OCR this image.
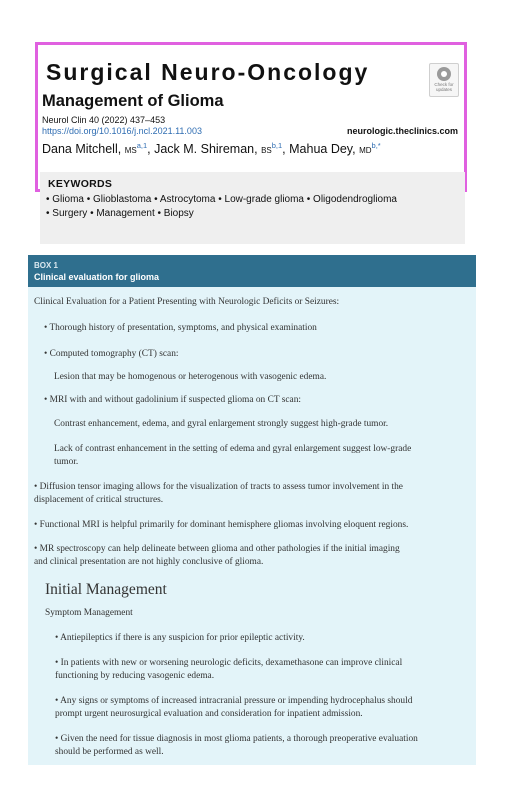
Surgical Neuro-Oncology
Management of Glioma
Check for updates
Neurol Clin 40 (2022) 437–453
https://doi.org/10.1016/j.ncl.2021.11.003	neurologic.theclinics.com
Dana Mitchell, MS$^{a,1}$, Jack M. Shireman, BS$^{b,1}$, Mahua Dey, $MD^{b,*}$
KEYWORDS
• Glioma • Glioblastoma • Astrocytoma • Low-grade glioma • Oligodendroglioma
• Surgery • Management • Biopsy
BOX 1
Clinical evaluation for glioma
Clinical Evaluation for a Patient Presenting with Neurologic Deficits or Seizures:
• Thorough history of presentation, symptoms, and physical examination
• Computed tomography (CT) scan:
Lesion that may be homogenous or heterogenous with vasogenic edema.
• MRI with and without gadolinium if suspected glioma on CT scan:
Contrast enhancement, edema, and gyral enlargement strongly suggest high-grade tumor.
Lack of contrast enhancement in the setting of edema and gyral enlargement suggest low-grade
tumor.
• Diffusion tensor imaging allows for the visualization of tracts to assess tumor involvement in the
displacement of critical structures.
• Functional MRI is helpful primarily for dominant hemisphere gliomas involving eloquent regions.
• MR spectroscopy can help delineate between glioma and other pathologies if the initial imaging
and clinical presentation are not highly conclusive of glioma.
Initial Management
Symptom Management
• Antiepileptics if there is any suspicion for prior epileptic activity.
• In patients with new or worsening neurologic deficits, dexamethasone can improve clinical
functioning by reducing vasogenic edema.
• Any signs or symptoms of increased intracranial pressure or impending hydrocephalus should
prompt urgent neurosurgical evaluation and consideration for inpatient admission.
• Given the need for tissue diagnosis in most glioma patients, a thorough preoperative evaluation
should be performed as well.
